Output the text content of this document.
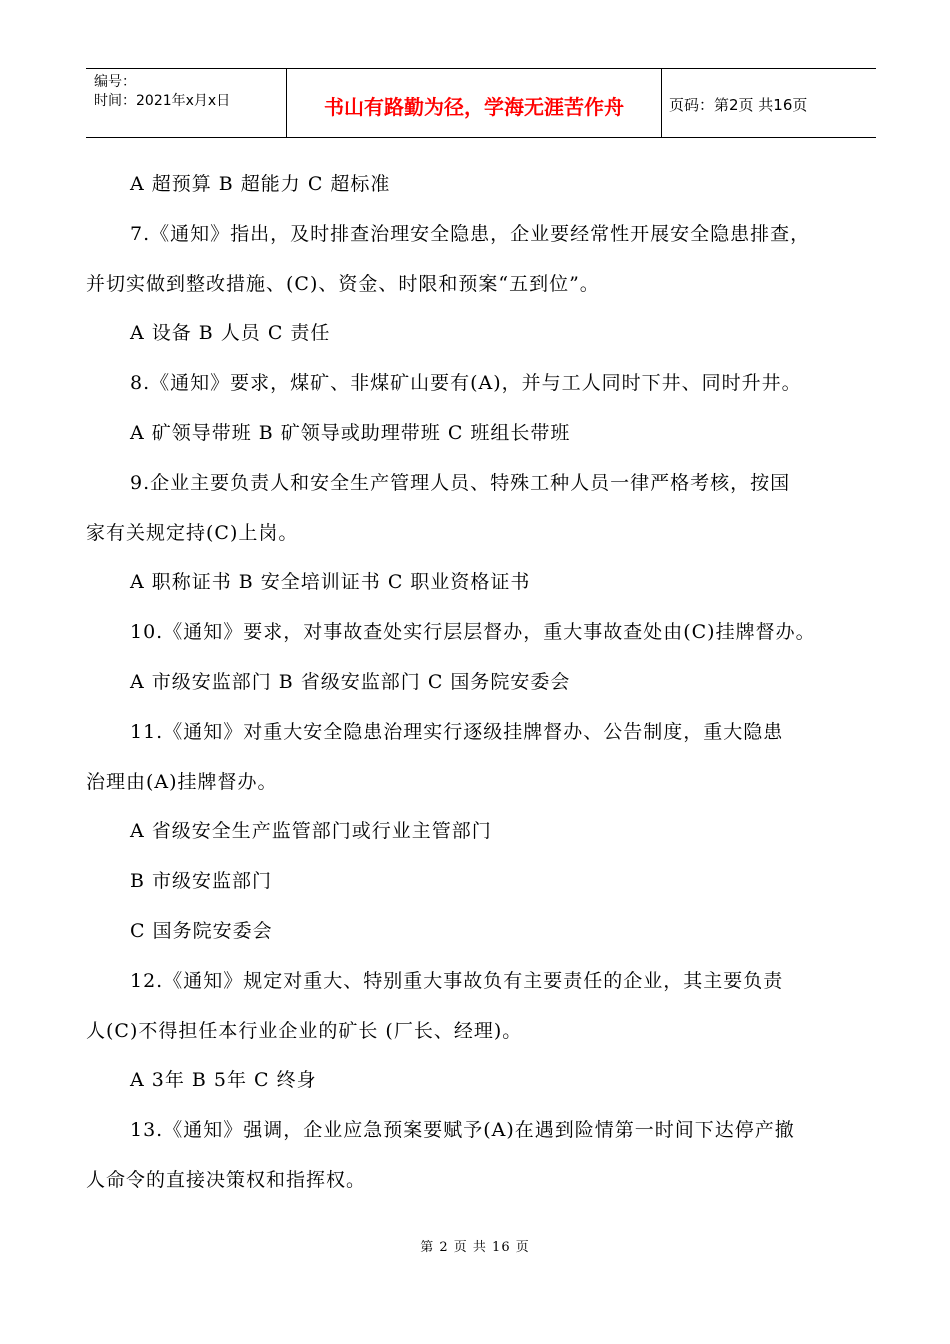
编号：
时间：2021年x月x日	书山有路勤为径，学海无涯苦作舟	页码：第2页 共16页

A 超预算 B 超能力 C 超标准

7.《通知》指出，及时排查治理安全隐患，企业要经常性开展安全隐患排查，

并切实做到整改措施、(C)、资金、时限和预案“五到位”。

A 设备 B 人员 C 责任

8.《通知》要求，煤矿、非煤矿山要有(A)，并与工人同时下井、同时升井。

A 矿领导带班 B 矿领导或助理带班 C 班组长带班

9.企业主要负责人和安全生产管理人员、特殊工种人员一律严格考核，按国

家有关规定持(C)上岗。

A 职称证书 B 安全培训证书 C 职业资格证书

10.《通知》要求，对事故查处实行层层督办，重大事故查处由(C)挂牌督办。

A 市级安监部门 B 省级安监部门 C 国务院安委会

11.《通知》对重大安全隐患治理实行逐级挂牌督办、公告制度，重大隐患

治理由(A)挂牌督办。

A 省级安全生产监管部门或行业主管部门

B 市级安监部门

C 国务院安委会

12.《通知》规定对重大、特别重大事故负有主要责任的企业，其主要负责

人(C)不得担任本行业企业的矿长 (厂长、经理)。

A 3年 B 5年 C 终身

13.《通知》强调，企业应急预案要赋予(A)在遇到险情第一时间下达停产撤

人命令的直接决策权和指挥权。

第 2 页 共 16 页
